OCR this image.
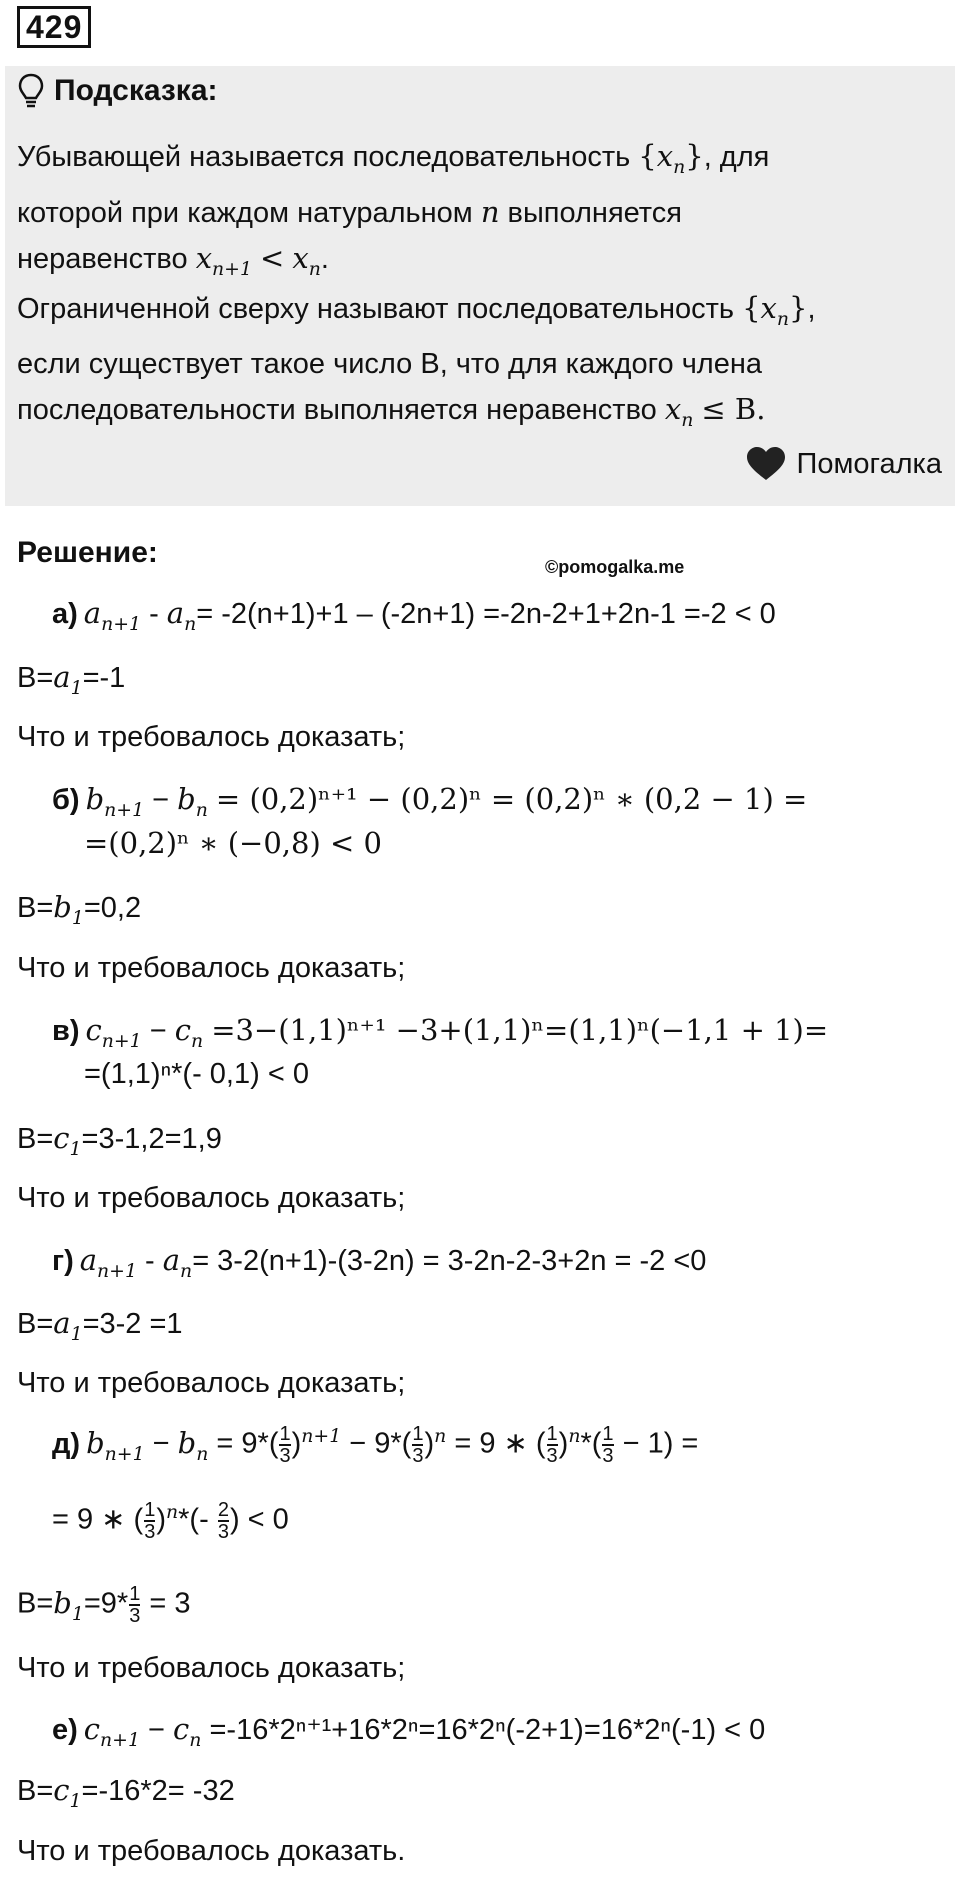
429
Подсказка:
Убывающей называется последовательность $\{x_n\}$, для
которой при каждом натуральном n выполняется
неравенство $x_{n+1} < x_n$.
Ограниченной сверху называют последовательность $\{x_n\}$,
если существует такое число B, что для каждого члена
последовательности выполняется неравенство $x_n \le B$.
Помогалка
Решение:	©pomogalka.me
а) $a_{n+1} - a_n= -2(n+1)+1 - (-2n+1) =-2n-2+1+2n-1 =-2 < 0$
$B=a_1=-1$
Что и требовалось доказать;
б) $b_{n+1} - b_n = (0,2)^{n+1} - (0,2)^n = (0,2)^n$ ∗ (0,2 − 1) =
=(0,2)ⁿ ∗ (−0,8) < 0
$B=b_1=0,2$
Что и требовалось доказать;
в) $c_{n+1} - c_n =3-(1,1)^{n+1} -3+(1,1)^n=(1,1)^n(-1,1 + 1)=$
=(1,1)ⁿ*(- 0,1) < 0
$B=c_1=3-1,2=1,9$
Что и требовалось доказать;
г) $a_{n+1} - a_n= 3-2(n+1)-(3-2n) = 3-2n-2-3+2n = -2 <0$
$B=a_1=3-2 =1$
Что и требовалось доказать;
д) $b_{n+1} - b_n = 9*( \frac{1}{3} )^{n+1} - 9*( \frac{1}{3} )^n = 9$ ∗ ( $\frac{1}{3} )^n*( \frac{1}{3} - 1)$ =
= 9 ∗ ( $\frac{1}{3} )^n*(- \frac{2}{3}$ ) < 0
$B=b_1=9* \frac{1}{3} = 3$
Что и требовалось доказать;
е) $c_{n+1} - c_n =-16*2^{n+1}+16*2^n=16*2^n(-2+1)=16*2^n(-1) < 0$
$B=c_1=-16*2= -32$
Что и требовалось доказать.
